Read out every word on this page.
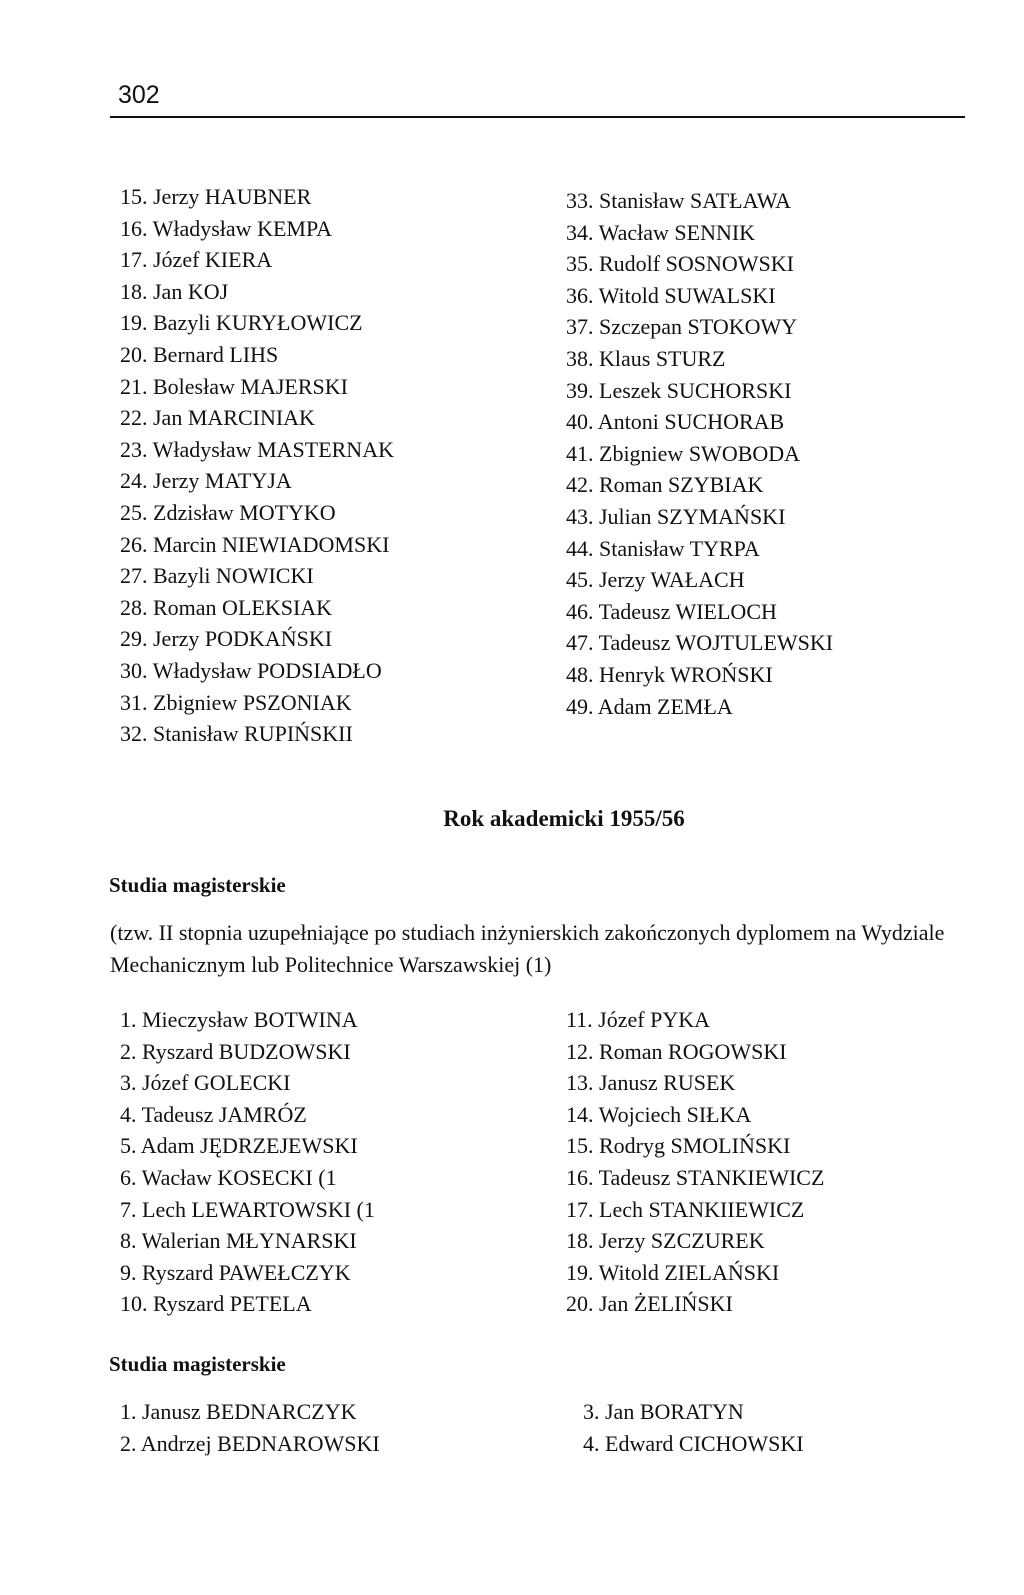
302
15. Jerzy HAUBNER
16. Władysław KEMPA
17. Józef KIERA
18. Jan KOJ
19. Bazyli KURYŁOWICZ
20. Bernard LIHS
21. Bolesław MAJERSKI
22. Jan MARCINIAK
23. Władysław MASTERNAK
24. Jerzy MATYJA
25. Zdzisław MOTYKO
26. Marcin NIEWIADOMSKI
27. Bazyli NOWICKI
28. Roman OLEKSIAK
29. Jerzy PODKAŃSKI
30. Władysław PODSIADŁO
31. Zbigniew PSZONIAK
32. Stanisław RUPIŃSKII
33. Stanisław SATŁAWA
34. Wacław SENNIK
35. Rudolf SOSNOWSKI
36. Witold SUWALSKI
37. Szczepan STOKOWY
38. Klaus STURZ
39. Leszek SUCHORSKI
40. Antoni SUCHORAB
41. Zbigniew SWOBODA
42. Roman SZYBIAK
43. Julian SZYMAŃSKI
44. Stanisław TYRPA
45. Jerzy WAŁACH
46. Tadeusz WIELOCH
47. Tadeusz WOJTULEWSKI
48. Henryk WROŃSKI
49. Adam ZEMŁA
Rok akademicki 1955/56
Studia magisterskie

(tzw. II stopnia uzupełniające po studiach inżynierskich zakończonych dyplomem na Wydziale Mechanicznym lub Politechnice Warszawskiej (1)

1. Mieczysław BOTWINA
2. Ryszard BUDZOWSKI
3. Józef GOLECKI
4. Tadeusz JAMRÓZ
5. Adam JĘDRZEJEWSKI
6. Wacław KOSECKI (1
7. Lech LEWARTOWSKI (1
8. Walerian MŁYNARSKI
9. Ryszard PAWEŁCZYK
10. Ryszard PETELA
11. Józef PYKA
12. Roman ROGOWSKI
13. Janusz RUSEK
14. Wojciech SIŁKA
15. Rodryg SMOLIŃSKI
16. Tadeusz STANKIEWICZ
17. Lech STANKIIEWICZ
18. Jerzy SZCZUREK
19. Witold ZIELAŃSKI
20. Jan ŻELIŃSKI
Studia magisterskie
1. Janusz BEDNARCZYK
2. Andrzej BEDNAROWSKI
3. Jan BORATYN
4. Edward CICHOWSKI
